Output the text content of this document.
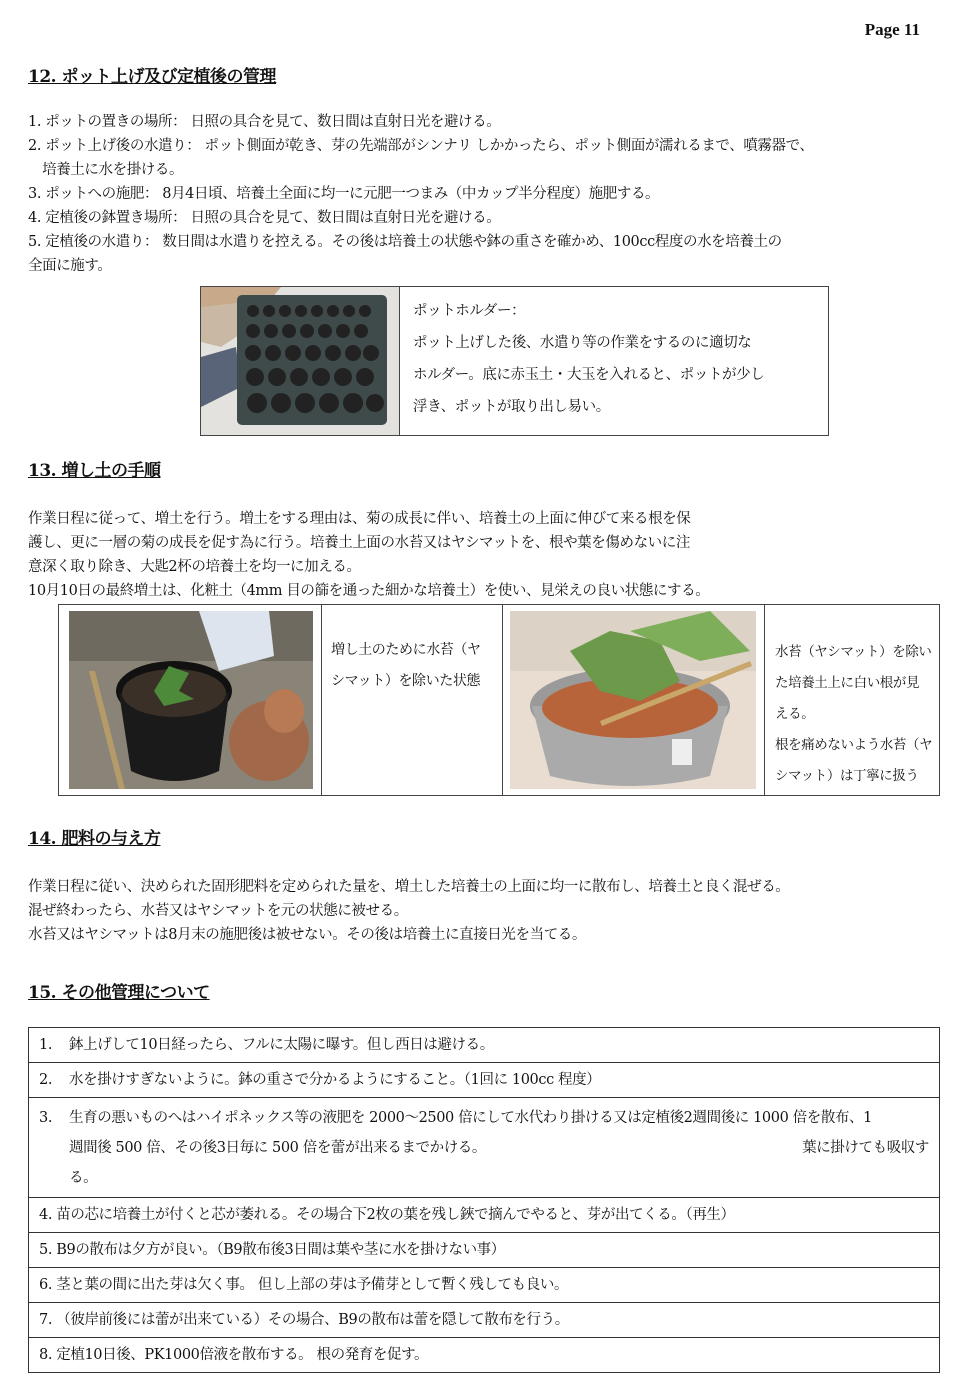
Page 11
12. ポット上げ及び定植後の管理
1. ポットの置きの場所： 日照の具合を見て、数日間は直射日光を避ける。
2. ポット上げ後の水遣り： ポット側面が乾き、芽の先端部がシンナリ しかかったら、ポット側面が濡れるまで、噴霧器で、
　培養土に水を掛ける。
3. ポットへの施肥： 8月4日頃、培養土全面に均一に元肥一つまみ（中カップ半分程度）施肥する。
4. 定植後の鉢置き場所： 日照の具合を見て、数日間は直射日光を避ける。
5. 定植後の水遣り： 数日間は水遣りを控える。その後は培養土の状態や鉢の重さを確かめ、100cc程度の水を培養土の
全面に施す。
ポットホルダー：
ポット上げした後、水遣り等の作業をするのに適切な
ホルダー。底に赤玉土・大玉を入れると、ポットが少し
浮き、ポットが取り出し易い。
13. 増し土の手順
作業日程に従って、増土を行う。増土をする理由は、菊の成長に伴い、培養土の上面に伸びて来る根を保
護し、更に一層の菊の成長を促す為に行う。培養土上面の水苔又はヤシマットを、根や葉を傷めないに注
意深く取り除き、大匙2杯の培養土を均一に加える。
10月10日の最終増土は、化粧土（4mm 目の篩を通った細かな培養土）を使い、見栄えの良い状態にする。
増し土のために水苔（ヤ
シマット）を除いた状態
水苔（ヤシマット）を除い
た培養土上に白い根が見
える。
根を痛めないよう水苔（ヤ
シマット）は丁寧に扱う
14. 肥料の与え方
作業日程に従い、決められた固形肥料を定められた量を、増土した培養土の上面に均一に散布し、培養土と良く混ぜる。
混ぜ終わったら、水苔又はヤシマットを元の状態に被せる。
水苔又はヤシマットは8月末の施肥後は被せない。その後は培養土に直接日光を当てる。
15. その他管理について
1. 鉢上げして10日経ったら、フルに太陽に曝す。但し西日は避ける。
2. 水を掛けすぎないように。鉢の重さで分かるようにすること。（1回に 100cc 程度）

3. 生育の悪いものへはハイポネックス等の液肥を 2000～2500 倍にして水代わり掛ける又は定植後2週間後に 1000 倍を散布、1
週間後 500 倍、その後3日毎に 500 倍を蕾が出来るまでかける。	葉に掛けても吸収す
る。

4. 苗の芯に培養土が付くと芯が萎れる。その場合下2枚の葉を残し鋏で摘んでやると、芽が出てくる。（再生）
5. B9の散布は夕方が良い。（B9散布後3日間は葉や茎に水を掛けない事）
6. 茎と葉の間に出た芽は欠く事。 但し上部の芽は予備芽として暫く残しても良い。
7. （彼岸前後には蕾が出来ている）その場合、B9の散布は蕾を隠して散布を行う。
8. 定植10日後、PK1000倍液を散布する。 根の発育を促す。
